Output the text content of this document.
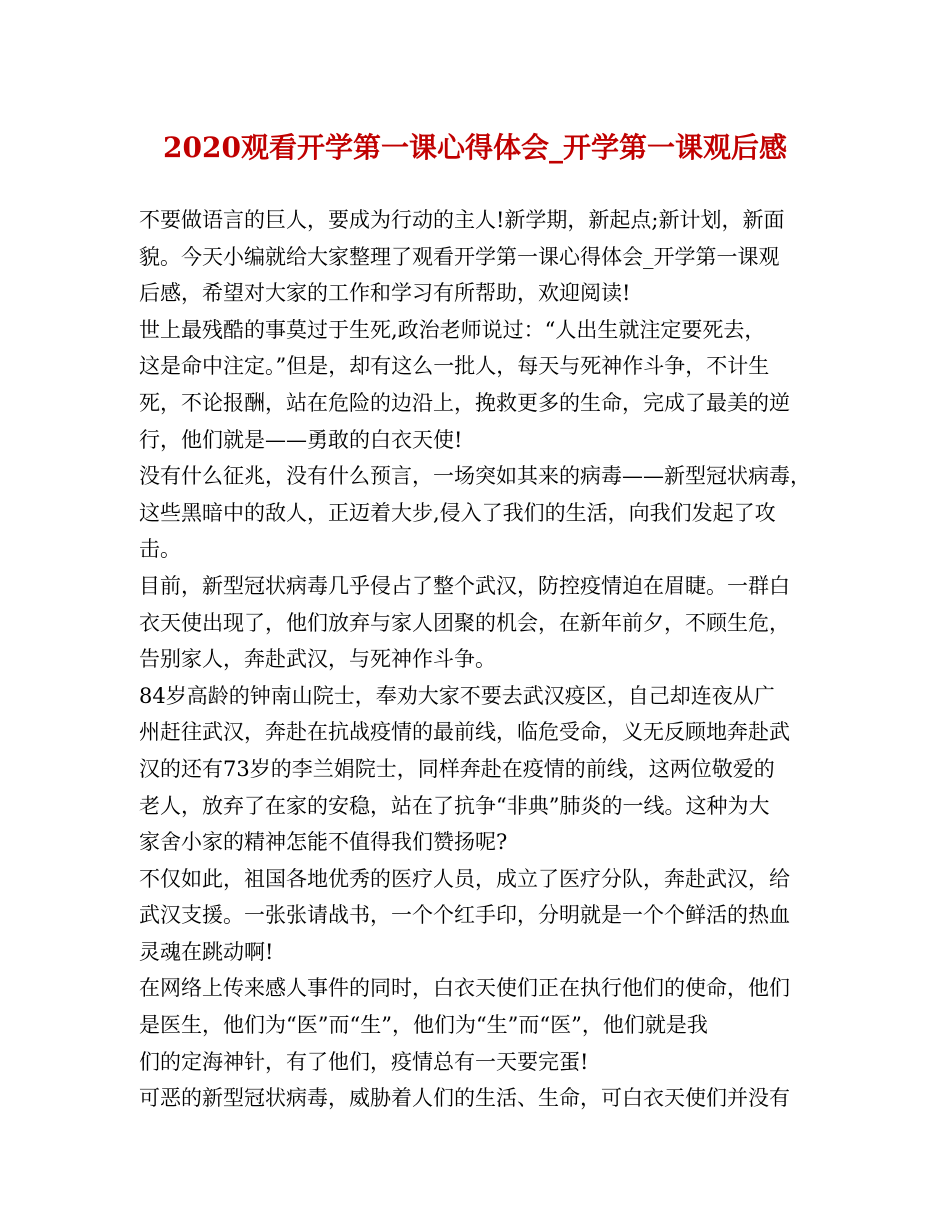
2020观看开学第一课心得体会_开学第一课观后感
不要做语言的巨人，要成为行动的主人!新学期，新起点;新计划，新面
貌。今天小编就给大家整理了观看开学第一课心得体会_开学第一课观
后感，希望对大家的工作和学习有所帮助，欢迎阅读!
世上最残酷的事莫过于生死,政治老师说过：“人出生就注定要死去，
这是命中注定。”但是，却有这么一批人，每天与死神作斗争，不计生
死，不论报酬，站在危险的边沿上，挽救更多的生命，完成了最美的逆
行，他们就是——勇敢的白衣天使!
没有什么征兆，没有什么预言，一场突如其来的病毒——新型冠状病毒，
这些黑暗中的敌人，正迈着大步,侵入了我们的生活，向我们发起了攻
击。
目前，新型冠状病毒几乎侵占了整个武汉，防控疫情迫在眉睫。一群白
衣天使出现了，他们放弃与家人团聚的机会，在新年前夕，不顾生危，
告别家人，奔赴武汉，与死神作斗争。
84岁高龄的钟南山院士，奉劝大家不要去武汉疫区，自己却连夜从广
州赶往武汉，奔赴在抗战疫情的最前线，临危受命，义无反顾地奔赴武
汉的还有73岁的李兰娟院士，同样奔赴在疫情的前线，这两位敬爱的
老人，放弃了在家的安稳，站在了抗争“非典”肺炎的一线。这种为大
家舍小家的精神怎能不值得我们赞扬呢?
不仅如此，祖国各地优秀的医疗人员，成立了医疗分队，奔赴武汉，给
武汉支援。一张张请战书，一个个红手印，分明就是一个个鲜活的热血
灵魂在跳动啊!
在网络上传来感人事件的同时，白衣天使们正在执行他们的使命，他们
是医生，他们为“医”而“生”，他们为“生”而“医”，他们就是我
们的定海神针，有了他们，疫情总有一天要完蛋!
可恶的新型冠状病毒，威胁着人们的生活、生命，可白衣天使们并没有
